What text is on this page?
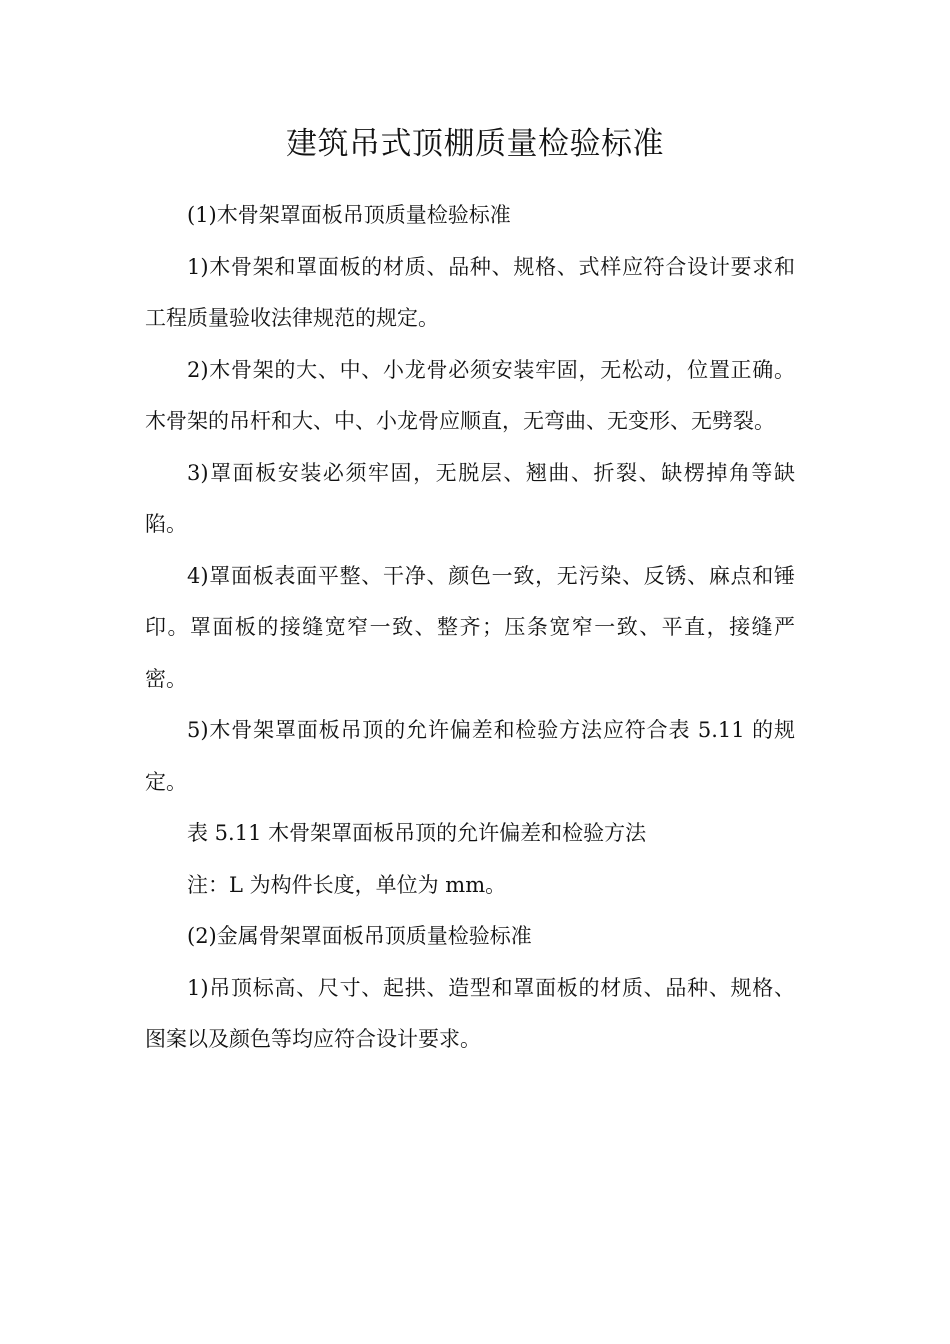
建筑吊式顶棚质量检验标准

(1)木骨架罩面板吊顶质量检验标准

1)木骨架和罩面板的材质、品种、规格、式样应符合设计要求和工程质量验收法律规范的规定。

2)木骨架的大、中、小龙骨必须安装牢固，无松动，位置正确。木骨架的吊杆和大、中、小龙骨应顺直，无弯曲、无变形、无劈裂。

3)罩面板安装必须牢固，无脱层、翘曲、折裂、缺楞掉角等缺陷。

4)罩面板表面平整、干净、颜色一致，无污染、反锈、麻点和锤印。罩面板的接缝宽窄一致、整齐；压条宽窄一致、平直，接缝严密。

5)木骨架罩面板吊顶的允许偏差和检验方法应符合表 5.11 的规定。

表 5.11 木骨架罩面板吊顶的允许偏差和检验方法

注：L 为构件长度，单位为 mm。

(2)金属骨架罩面板吊顶质量检验标准

1)吊顶标高、尺寸、起拱、造型和罩面板的材质、品种、规格、图案以及颜色等均应符合设计要求。
